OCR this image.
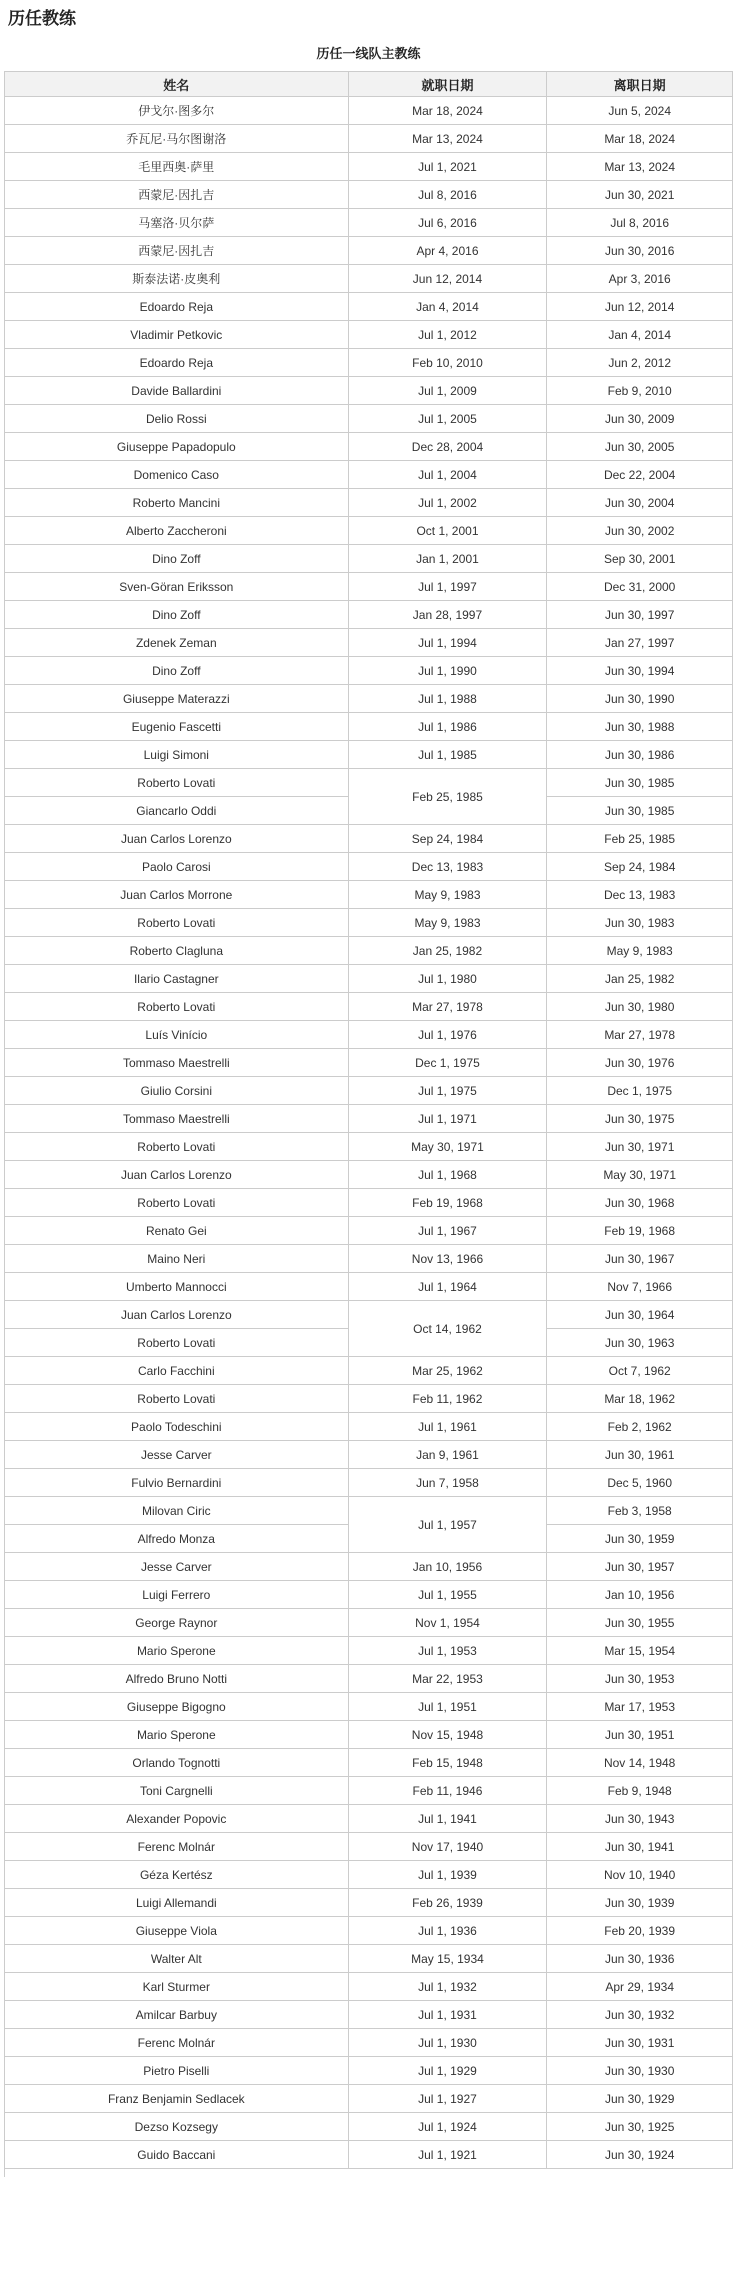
历任教练
历任一线队主教练
姓名	就职日期	离职日期
伊戈尔·图多尔	Mar 18, 2024	Jun 5, 2024
乔瓦尼·马尔图谢洛	Mar 13, 2024	Mar 18, 2024
毛里西奥·萨里	Jul 1, 2021	Mar 13, 2024
西蒙尼·因扎吉	Jul 8, 2016	Jun 30, 2021
马塞洛·贝尔萨	Jul 6, 2016	Jul 8, 2016
西蒙尼·因扎吉	Apr 4, 2016	Jun 30, 2016
斯泰法诺·皮奥利	Jun 12, 2014	Apr 3, 2016
Edoardo Reja	Jan 4, 2014	Jun 12, 2014
Vladimir Petkovic	Jul 1, 2012	Jan 4, 2014
Edoardo Reja	Feb 10, 2010	Jun 2, 2012
Davide Ballardini	Jul 1, 2009	Feb 9, 2010
Delio Rossi	Jul 1, 2005	Jun 30, 2009
Giuseppe Papadopulo	Dec 28, 2004	Jun 30, 2005
Domenico Caso	Jul 1, 2004	Dec 22, 2004
Roberto Mancini	Jul 1, 2002	Jun 30, 2004
Alberto Zaccheroni	Oct 1, 2001	Jun 30, 2002
Dino Zoff	Jan 1, 2001	Sep 30, 2001
Sven-Göran Eriksson	Jul 1, 1997	Dec 31, 2000
Dino Zoff	Jan 28, 1997	Jun 30, 1997
Zdenek Zeman	Jul 1, 1994	Jan 27, 1997
Dino Zoff	Jul 1, 1990	Jun 30, 1994
Giuseppe Materazzi	Jul 1, 1988	Jun 30, 1990
Eugenio Fascetti	Jul 1, 1986	Jun 30, 1988
Luigi Simoni	Jul 1, 1985	Jun 30, 1986
Roberto Lovati	Feb 25, 1985	Jun 30, 1985
Giancarlo Oddi		Jun 30, 1985
Juan Carlos Lorenzo	Sep 24, 1984	Feb 25, 1985
Paolo Carosi	Dec 13, 1983	Sep 24, 1984
Juan Carlos Morrone	May 9, 1983	Dec 13, 1983
Roberto Lovati	May 9, 1983	Jun 30, 1983
Roberto Clagluna	Jan 25, 1982	May 9, 1983
Ilario Castagner	Jul 1, 1980	Jan 25, 1982
Roberto Lovati	Mar 27, 1978	Jun 30, 1980
Luís Vinício	Jul 1, 1976	Mar 27, 1978
Tommaso Maestrelli	Dec 1, 1975	Jun 30, 1976
Giulio Corsini	Jul 1, 1975	Dec 1, 1975
Tommaso Maestrelli	Jul 1, 1971	Jun 30, 1975
Roberto Lovati	May 30, 1971	Jun 30, 1971
Juan Carlos Lorenzo	Jul 1, 1968	May 30, 1971
Roberto Lovati	Feb 19, 1968	Jun 30, 1968
Renato Gei	Jul 1, 1967	Feb 19, 1968
Maino Neri	Nov 13, 1966	Jun 30, 1967
Umberto Mannocci	Jul 1, 1964	Nov 7, 1966
Juan Carlos Lorenzo	Oct 14, 1962	Jun 30, 1964
Roberto Lovati		Jun 30, 1963
Carlo Facchini	Mar 25, 1962	Oct 7, 1962
Roberto Lovati	Feb 11, 1962	Mar 18, 1962
Paolo Todeschini	Jul 1, 1961	Feb 2, 1962
Jesse Carver	Jan 9, 1961	Jun 30, 1961
Fulvio Bernardini	Jun 7, 1958	Dec 5, 1960
Milovan Ciric	Jul 1, 1957	Feb 3, 1958
Alfredo Monza		Jun 30, 1959
Jesse Carver	Jan 10, 1956	Jun 30, 1957
Luigi Ferrero	Jul 1, 1955	Jan 10, 1956
George Raynor	Nov 1, 1954	Jun 30, 1955
Mario Sperone	Jul 1, 1953	Mar 15, 1954
Alfredo Bruno Notti	Mar 22, 1953	Jun 30, 1953
Giuseppe Bigogno	Jul 1, 1951	Mar 17, 1953
Mario Sperone	Nov 15, 1948	Jun 30, 1951
Orlando Tognotti	Feb 15, 1948	Nov 14, 1948
Toni Cargnelli	Feb 11, 1946	Feb 9, 1948
Alexander Popovic	Jul 1, 1941	Jun 30, 1943
Ferenc Molnár	Nov 17, 1940	Jun 30, 1941
Géza Kertész	Jul 1, 1939	Nov 10, 1940
Luigi Allemandi	Feb 26, 1939	Jun 30, 1939
Giuseppe Viola	Jul 1, 1936	Feb 20, 1939
Walter Alt	May 15, 1934	Jun 30, 1936
Karl Sturmer	Jul 1, 1932	Apr 29, 1934
Amilcar Barbuy	Jul 1, 1931	Jun 30, 1932
Ferenc Molnár	Jul 1, 1930	Jun 30, 1931
Pietro Piselli	Jul 1, 1929	Jun 30, 1930
Franz Benjamin Sedlacek	Jul 1, 1927	Jun 30, 1929
Dezso Kozsegy	Jul 1, 1924	Jun 30, 1925
Guido Baccani	Jul 1, 1921	Jun 30, 1924
